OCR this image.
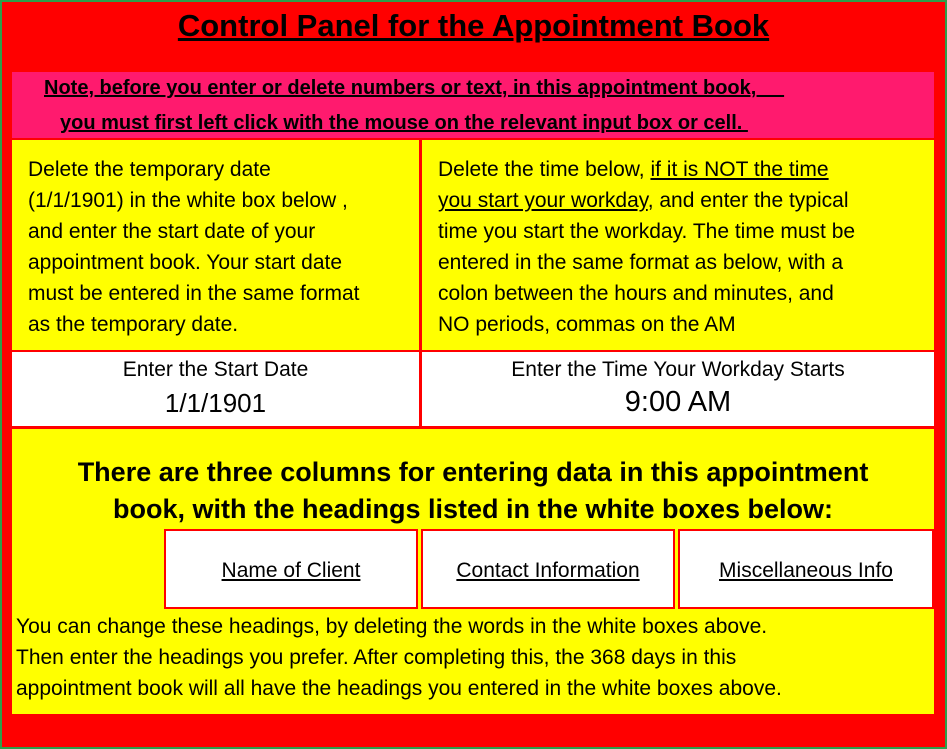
Control Panel for the Appointment Book
Note, before you enter or delete numbers or text, in this appointment book,
you must first left click with the mouse on the relevant input box or cell.
Delete the temporary date
(1/1/1901) in the white box below ,
and enter the start date of your
appointment book. Your start date
must be entered in the same format
as the temporary date.
Delete the time below, if it is NOT the time
you start your workday, and enter the typical
time you start the workday. The time must be
entered in the same format as below, with a
colon between the hours and minutes, and
NO periods, commas on the AM
Enter the Start Date
1/1/1901
Enter the Time Your Workday Starts
9:00 AM
There are three columns for entering data in this appointment
book, with the headings listed in the white boxes below:
Name of Client	Contact Information	Miscellaneous Info
You can change these headings, by deleting the words in the white boxes above.
Then enter the headings you prefer. After completing this, the 368 days in this
appointment book will all have the headings you entered in the white boxes above.
